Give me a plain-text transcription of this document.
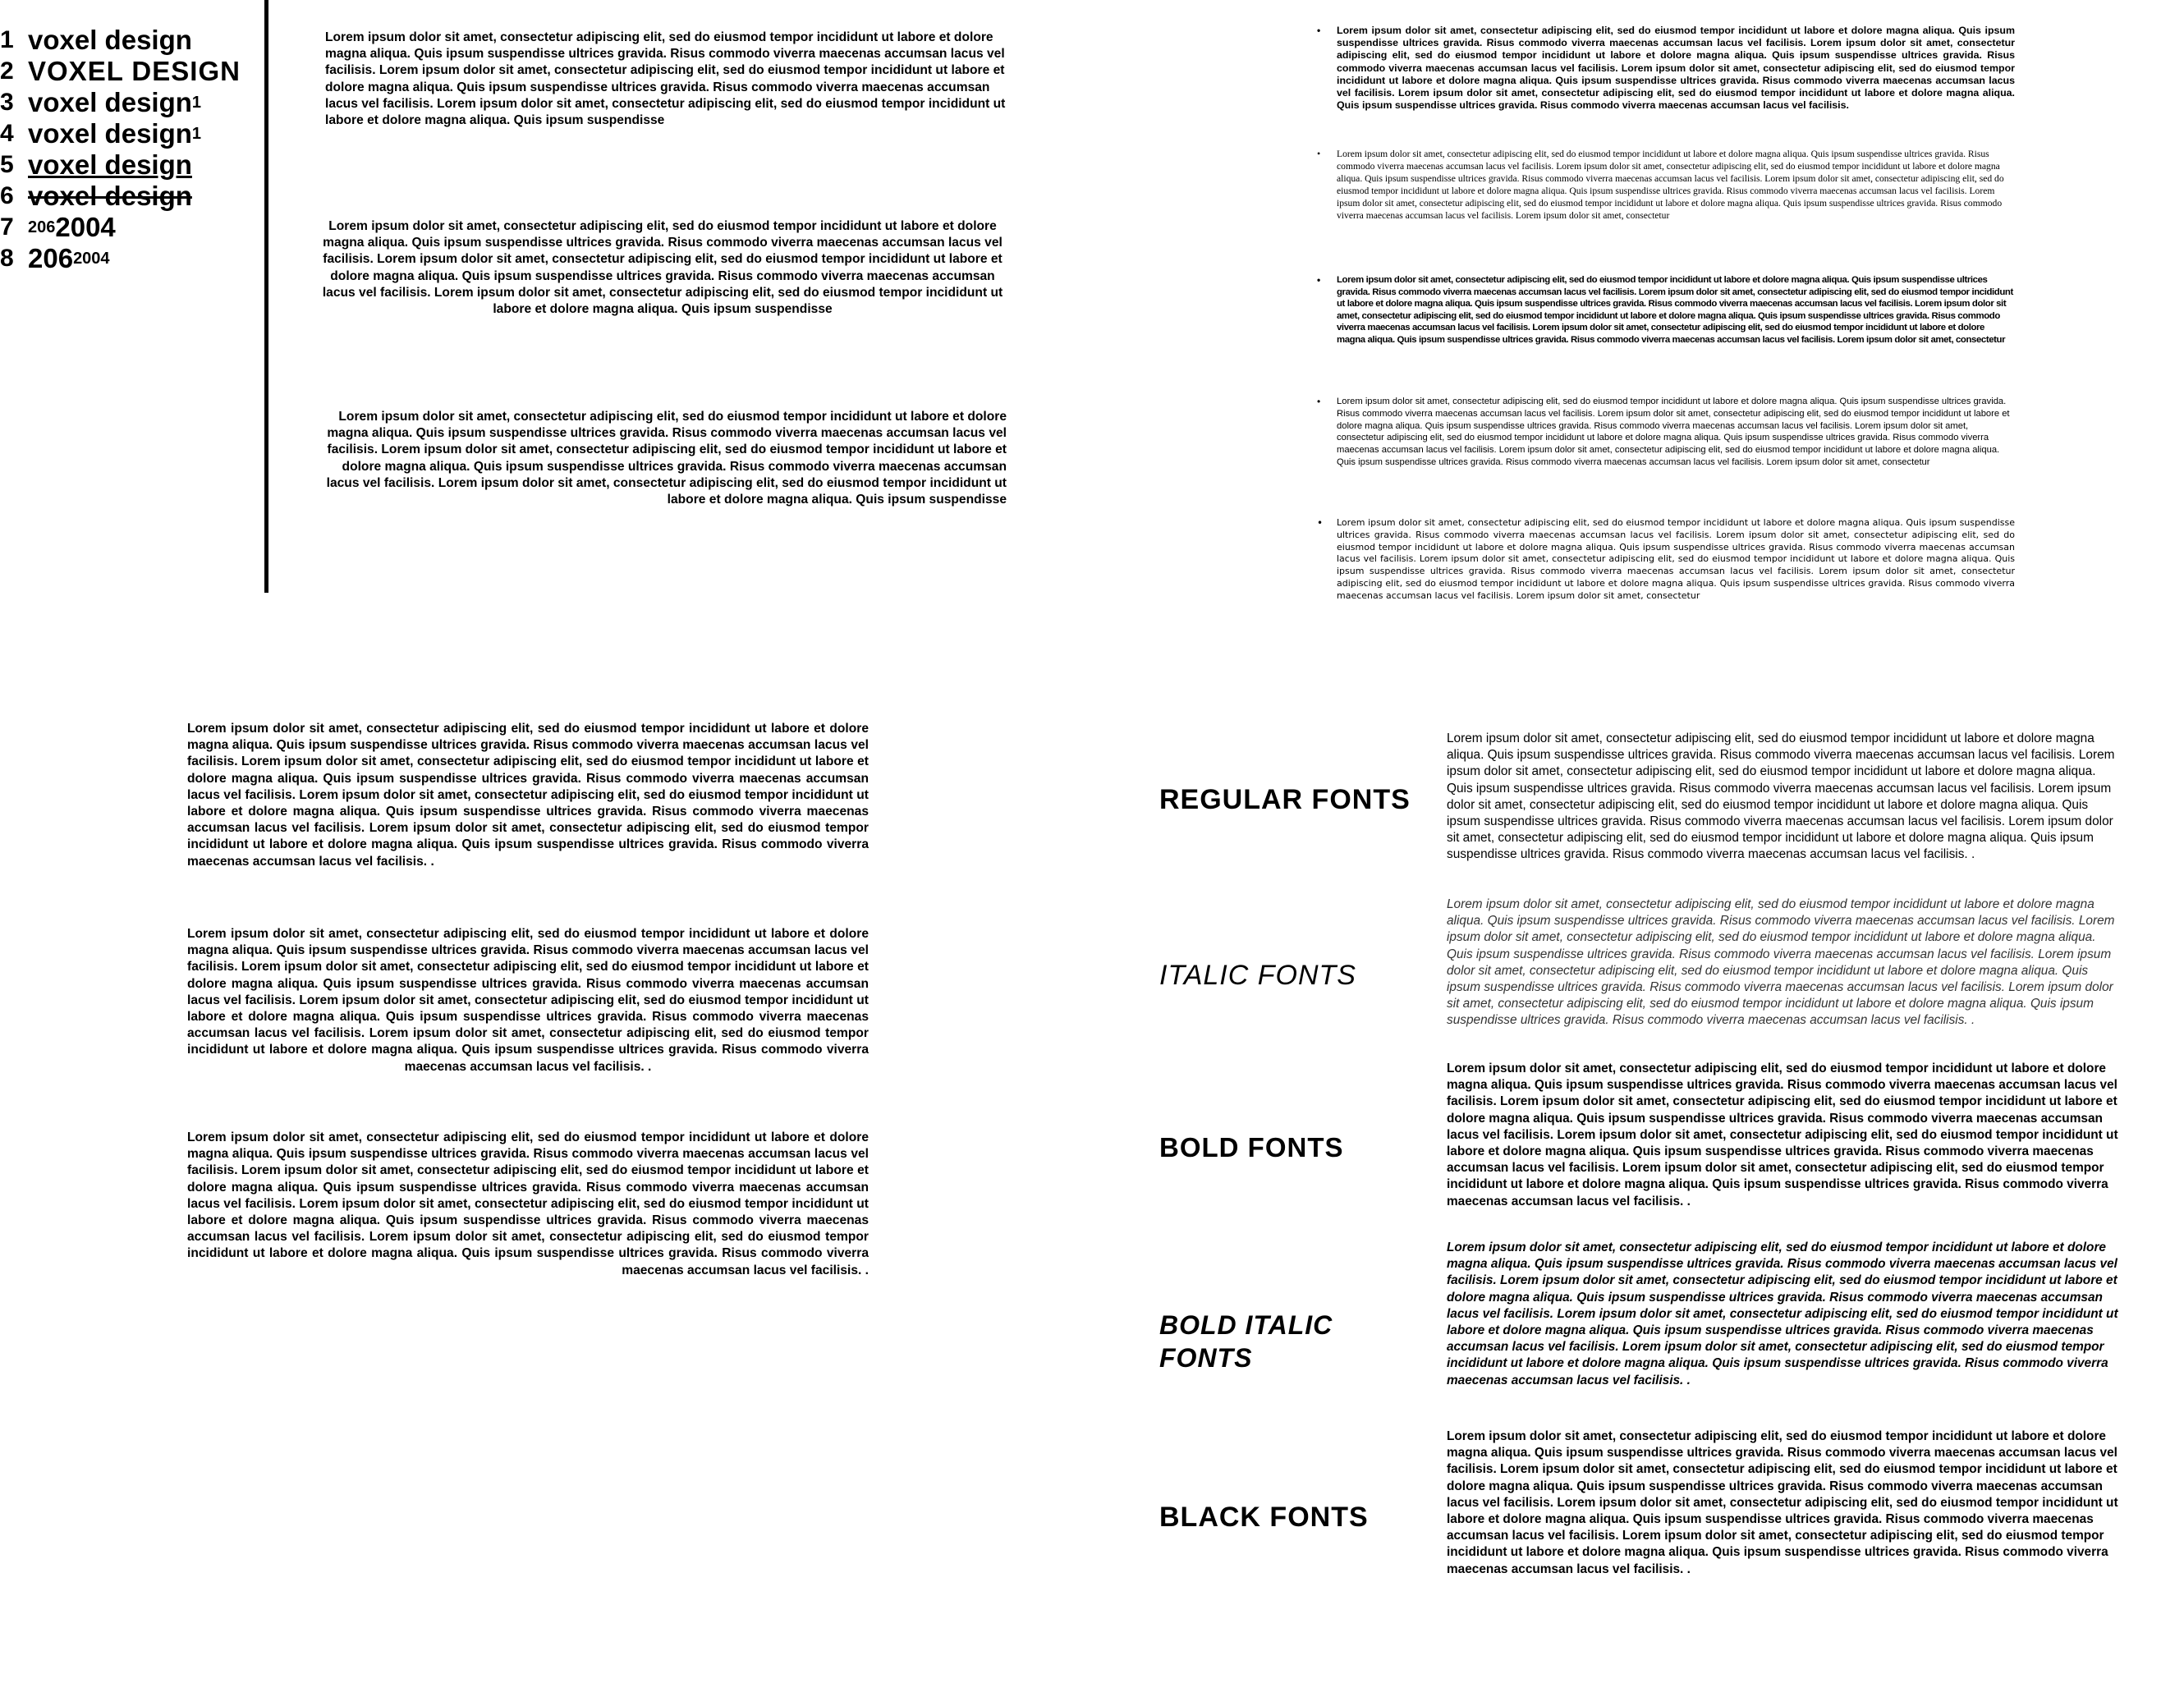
1 voxel design
2 VOXEL DESIGN
3 voxel design 1
4 voxel design 1
5 voxel design
6 voxel design
7 206 2004
8 206 2004

Lorem ipsum dolor sit amet, consectetur adipiscing elit, sed do eiusmod tempor incididunt ut labore et dolore magna aliqua. Quis ipsum suspendisse ultrices gravida. Risus commodo viverra maecenas accumsan lacus vel facilisis. Lorem ipsum dolor sit amet, consectetur adipiscing elit, sed do eiusmod tempor incididunt ut labore et dolore magna aliqua. Quis ipsum suspendisse ultrices gravida. Risus commodo viverra maecenas accumsan lacus vel facilisis. Lorem ipsum dolor sit amet, consectetur adipiscing elit, sed do eiusmod tempor incididunt ut labore et dolore magna aliqua. Quis ipsum suspendisse

Lorem ipsum dolor sit amet, consectetur adipiscing elit, sed do eiusmod tempor incididunt ut labore et dolore magna aliqua. Quis ipsum suspendisse ultrices gravida. Risus commodo viverra maecenas accumsan lacus vel facilisis. Lorem ipsum dolor sit amet, consectetur adipiscing elit, sed do eiusmod tempor incididunt ut labore et dolore magna aliqua. Quis ipsum suspendisse ultrices gravida. Risus commodo viverra maecenas accumsan lacus vel facilisis. Lorem ipsum dolor sit amet, consectetur adipiscing elit, sed do eiusmod tempor incididunt ut labore et dolore magna aliqua. Quis ipsum suspendisse

Lorem ipsum dolor sit amet, consectetur adipiscing elit, sed do eiusmod tempor incididunt ut labore et dolore magna aliqua. Quis ipsum suspendisse ultrices gravida. Risus commodo viverra maecenas accumsan lacus vel facilisis. Lorem ipsum dolor sit amet, consectetur adipiscing elit, sed do eiusmod tempor incididunt ut labore et dolore magna aliqua. Quis ipsum suspendisse ultrices gravida. Risus commodo viverra maecenas accumsan lacus vel facilisis. Lorem ipsum dolor sit amet, consectetur adipiscing elit, sed do eiusmod tempor incididunt ut labore et dolore magna aliqua. Quis ipsum suspendisse

• Lorem ipsum dolor sit amet, consectetur adipiscing elit, sed do eiusmod tempor incididunt ut labore et dolore magna aliqua. Quis ipsum suspendisse ultrices gravida. Risus commodo viverra maecenas accumsan lacus vel facilisis. Lorem ipsum dolor sit amet, consectetur adipiscing elit, sed do eiusmod tempor incididunt ut labore et dolore magna aliqua. Quis ipsum suspendisse ultrices gravida. Risus commodo viverra maecenas accumsan lacus vel facilisis. Lorem ipsum dolor sit amet, consectetur adipiscing elit, sed do eiusmod tempor incididunt ut labore et dolore magna aliqua. Quis ipsum suspendisse ultrices gravida. Risus commodo viverra maecenas accumsan lacus vel facilisis. Lorem ipsum dolor sit amet, consectetur adipiscing elit, sed do eiusmod tempor incididunt ut labore et dolore magna aliqua. Quis ipsum suspendisse ultrices gravida. Risus commodo viverra maecenas accumsan lacus vel facilisis.
• Lorem ipsum dolor sit amet, consectetur adipiscing elit, sed do eiusmod tempor incididunt ut labore et dolore magna aliqua. Quis ipsum suspendisse ultrices gravida. Risus commodo viverra maecenas accumsan lacus vel facilisis. Lorem ipsum dolor sit amet, consectetur adipiscing elit, sed do eiusmod tempor incididunt ut labore et dolore magna aliqua. Quis ipsum suspendisse ultrices gravida. Risus commodo viverra maecenas accumsan lacus vel facilisis. Lorem ipsum dolor sit amet, consectetur adipiscing elit, sed do eiusmod tempor incididunt ut labore et dolore magna aliqua. Quis ipsum suspendisse ultrices gravida. Risus commodo viverra maecenas accumsan lacus vel facilisis. Lorem ipsum dolor sit amet, consectetur adipiscing elit, sed do eiusmod tempor incididunt ut labore et dolore magna aliqua. Quis ipsum suspendisse ultrices gravida. Risus commodo viverra maecenas accumsan lacus vel facilisis. Lorem ipsum dolor sit amet, consectetur
• Lorem ipsum dolor sit amet, consectetur adipiscing elit, sed do eiusmod tempor incididunt ut labore et dolore magna aliqua. Quis ipsum suspendisse ultrices gravida. Risus commodo viverra maecenas accumsan lacus vel facilisis. Lorem ipsum dolor sit amet, consectetur adipiscing elit, sed do eiusmod tempor incididunt ut labore et dolore magna aliqua. Quis ipsum suspendisse ultrices gravida. Risus commodo viverra maecenas accumsan lacus vel facilisis. Lorem ipsum dolor sit amet, consectetur adipiscing elit, sed do eiusmod tempor incididunt ut labore et dolore magna aliqua. Quis ipsum suspendisse ultrices gravida. Risus commodo viverra maecenas accumsan lacus vel facilisis. Lorem ipsum dolor sit amet, consectetur adipiscing elit, sed do eiusmod tempor incididunt ut labore et dolore magna aliqua. Quis ipsum suspendisse ultrices gravida. Risus commodo viverra maecenas accumsan lacus vel facilisis. Lorem ipsum dolor sit amet, consectetur
• Lorem ipsum dolor sit amet, consectetur adipiscing elit, sed do eiusmod tempor incididunt ut labore et dolore magna aliqua. Quis ipsum suspendisse ultrices gravida. Risus commodo viverra maecenas accumsan lacus vel facilisis. Lorem ipsum dolor sit amet, consectetur adipiscing elit, sed do eiusmod tempor incididunt ut labore et dolore magna aliqua. Quis ipsum suspendisse ultrices gravida. Risus commodo viverra maecenas accumsan lacus vel facilisis. Lorem ipsum dolor sit amet, consectetur adipiscing elit, sed do eiusmod tempor incididunt ut labore et dolore magna aliqua. Quis ipsum suspendisse ultrices gravida. Risus commodo viverra maecenas accumsan lacus vel facilisis. Lorem ipsum dolor sit amet, consectetur adipiscing elit, sed do eiusmod tempor incididunt ut labore et dolore magna aliqua. Quis ipsum suspendisse ultrices gravida. Risus commodo viverra maecenas accumsan lacus vel facilisis. Lorem ipsum dolor sit amet, consectetur
• Lorem ipsum dolor sit amet, consectetur adipiscing elit, sed do eiusmod tempor incididunt ut labore et dolore magna aliqua. Quis ipsum suspendisse ultrices gravida. Risus commodo viverra maecenas accumsan lacus vel facilisis. Lorem ipsum dolor sit amet, consectetur adipiscing elit, sed do eiusmod tempor incididunt ut labore et dolore magna aliqua. Quis ipsum suspendisse ultrices gravida. Risus commodo viverra maecenas accumsan lacus vel facilisis. Lorem ipsum dolor sit amet, consectetur adipiscing elit, sed do eiusmod tempor incididunt ut labore et dolore magna aliqua. Quis ipsum suspendisse ultrices gravida. Risus commodo viverra maecenas accumsan lacus vel facilisis. Lorem ipsum dolor sit amet, consectetur adipiscing elit, sed do eiusmod tempor incididunt ut labore et dolore magna aliqua. Quis ipsum suspendisse ultrices gravida. Risus commodo viverra maecenas accumsan lacus vel facilisis. Lorem ipsum dolor sit amet, consectetur

Lorem ipsum dolor sit amet, consectetur adipiscing elit, sed do eiusmod tempor incididunt ut labore et dolore magna aliqua. Quis ipsum suspendisse ultrices gravida. Risus commodo viverra maecenas accumsan lacus vel facilisis. Lorem ipsum dolor sit amet, consectetur adipiscing elit, sed do eiusmod tempor incididunt ut labore et dolore magna aliqua. Quis ipsum suspendisse ultrices gravida. Risus commodo viverra maecenas accumsan lacus vel facilisis. Lorem ipsum dolor sit amet, consectetur adipiscing elit, sed do eiusmod tempor incididunt ut labore et dolore magna aliqua. Quis ipsum suspendisse ultrices gravida. Risus commodo viverra maecenas accumsan lacus vel facilisis. Lorem ipsum dolor sit amet, consectetur adipiscing elit, sed do eiusmod tempor incididunt ut labore et dolore magna aliqua. Quis ipsum suspendisse ultrices gravida. Risus commodo viverra maecenas accumsan lacus vel facilisis. .

Lorem ipsum dolor sit amet, consectetur adipiscing elit, sed do eiusmod tempor incididunt ut labore et dolore magna aliqua. Quis ipsum suspendisse ultrices gravida. Risus commodo viverra maecenas accumsan lacus vel facilisis. Lorem ipsum dolor sit amet, consectetur adipiscing elit, sed do eiusmod tempor incididunt ut labore et dolore magna aliqua. Quis ipsum suspendisse ultrices gravida. Risus commodo viverra maecenas accumsan lacus vel facilisis. Lorem ipsum dolor sit amet, consectetur adipiscing elit, sed do eiusmod tempor incididunt ut labore et dolore magna aliqua. Quis ipsum suspendisse ultrices gravida. Risus commodo viverra maecenas accumsan lacus vel facilisis. Lorem ipsum dolor sit amet, consectetur adipiscing elit, sed do eiusmod tempor incididunt ut labore et dolore magna aliqua. Quis ipsum suspendisse ultrices gravida. Risus commodo viverra maecenas accumsan lacus vel facilisis. .

Lorem ipsum dolor sit amet, consectetur adipiscing elit, sed do eiusmod tempor incididunt ut labore et dolore magna aliqua. Quis ipsum suspendisse ultrices gravida. Risus commodo viverra maecenas accumsan lacus vel facilisis. Lorem ipsum dolor sit amet, consectetur adipiscing elit, sed do eiusmod tempor incididunt ut labore et dolore magna aliqua. Quis ipsum suspendisse ultrices gravida. Risus commodo viverra maecenas accumsan lacus vel facilisis. Lorem ipsum dolor sit amet, consectetur adipiscing elit, sed do eiusmod tempor incididunt ut labore et dolore magna aliqua. Quis ipsum suspendisse ultrices gravida. Risus commodo viverra maecenas accumsan lacus vel facilisis. Lorem ipsum dolor sit amet, consectetur adipiscing elit, sed do eiusmod tempor incididunt ut labore et dolore magna aliqua. Quis ipsum suspendisse ultrices gravida. Risus commodo viverra maecenas accumsan lacus vel facilisis. .

REGULAR FONTS

Lorem ipsum dolor sit amet, consectetur adipiscing elit, sed do eiusmod tempor incididunt ut labore et dolore magna aliqua. Quis ipsum suspendisse ultrices gravida. Risus commodo viverra maecenas accumsan lacus vel facilisis. Lorem ipsum dolor sit amet, consectetur adipiscing elit, sed do eiusmod tempor incididunt ut labore et dolore magna aliqua. Quis ipsum suspendisse ultrices gravida. Risus commodo viverra maecenas accumsan lacus vel facilisis. Lorem ipsum dolor sit amet, consectetur adipiscing elit, sed do eiusmod tempor incididunt ut labore et dolore magna aliqua. Quis ipsum suspendisse ultrices gravida. Risus commodo viverra maecenas accumsan lacus vel facilisis. Lorem ipsum dolor sit amet, consectetur adipiscing elit, sed do eiusmod tempor incididunt ut labore et dolore magna aliqua. Quis ipsum suspendisse ultrices gravida. Risus commodo viverra maecenas accumsan lacus vel facilisis. .

ITALIC FONTS

Lorem ipsum dolor sit amet, consectetur adipiscing elit, sed do eiusmod tempor incididunt ut labore et dolore magna aliqua. Quis ipsum suspendisse ultrices gravida. Risus commodo viverra maecenas accumsan lacus vel facilisis. Lorem ipsum dolor sit amet, consectetur adipiscing elit, sed do eiusmod tempor incididunt ut labore et dolore magna aliqua. Quis ipsum suspendisse ultrices gravida. Risus commodo viverra maecenas accumsan lacus vel facilisis. Lorem ipsum dolor sit amet, consectetur adipiscing elit, sed do eiusmod tempor incididunt ut labore et dolore magna aliqua. Quis ipsum suspendisse ultrices gravida. Risus commodo viverra maecenas accumsan lacus vel facilisis. Lorem ipsum dolor sit amet, consectetur adipiscing elit, sed do eiusmod tempor incididunt ut labore et dolore magna aliqua. Quis ipsum suspendisse ultrices gravida. Risus commodo viverra maecenas accumsan lacus vel facilisis. .

BOLD FONTS

Lorem ipsum dolor sit amet, consectetur adipiscing elit, sed do eiusmod tempor incididunt ut labore et dolore magna aliqua. Quis ipsum suspendisse ultrices gravida. Risus commodo viverra maecenas accumsan lacus vel facilisis. Lorem ipsum dolor sit amet, consectetur adipiscing elit, sed do eiusmod tempor incididunt ut labore et dolore magna aliqua. Quis ipsum suspendisse ultrices gravida. Risus commodo viverra maecenas accumsan lacus vel facilisis. Lorem ipsum dolor sit amet, consectetur adipiscing elit, sed do eiusmod tempor incididunt ut labore et dolore magna aliqua. Quis ipsum suspendisse ultrices gravida. Risus commodo viverra maecenas accumsan lacus vel facilisis. Lorem ipsum dolor sit amet, consectetur adipiscing elit, sed do eiusmod tempor incididunt ut labore et dolore magna aliqua. Quis ipsum suspendisse ultrices gravida. Risus commodo viverra maecenas accumsan lacus vel facilisis. .

BOLD ITALIC FONTS

Lorem ipsum dolor sit amet, consectetur adipiscing elit, sed do eiusmod tempor incididunt ut labore et dolore magna aliqua. Quis ipsum suspendisse ultrices gravida. Risus commodo viverra maecenas accumsan lacus vel facilisis. Lorem ipsum dolor sit amet, consectetur adipiscing elit, sed do eiusmod tempor incididunt ut labore et dolore magna aliqua. Quis ipsum suspendisse ultrices gravida. Risus commodo viverra maecenas accumsan lacus vel facilisis. Lorem ipsum dolor sit amet, consectetur adipiscing elit, sed do eiusmod tempor incididunt ut labore et dolore magna aliqua. Quis ipsum suspendisse ultrices gravida. Risus commodo viverra maecenas accumsan lacus vel facilisis. Lorem ipsum dolor sit amet, consectetur adipiscing elit, sed do eiusmod tempor incididunt ut labore et dolore magna aliqua. Quis ipsum suspendisse ultrices gravida. Risus commodo viverra maecenas accumsan lacus vel facilisis. .

BLACK FONTS

Lorem ipsum dolor sit amet, consectetur adipiscing elit, sed do eiusmod tempor incididunt ut labore et dolore magna aliqua. Quis ipsum suspendisse ultrices gravida. Risus commodo viverra maecenas accumsan lacus vel facilisis. Lorem ipsum dolor sit amet, consectetur adipiscing elit, sed do eiusmod tempor incididunt ut labore et dolore magna aliqua. Quis ipsum suspendisse ultrices gravida. Risus commodo viverra maecenas accumsan lacus vel facilisis. Lorem ipsum dolor sit amet, consectetur adipiscing elit, sed do eiusmod tempor incididunt ut labore et dolore magna aliqua. Quis ipsum suspendisse ultrices gravida. Risus commodo viverra maecenas accumsan lacus vel facilisis. Lorem ipsum dolor sit amet, consectetur adipiscing elit, sed do eiusmod tempor incididunt ut labore et dolore magna aliqua. Quis ipsum suspendisse ultrices gravida. Risus commodo viverra maecenas accumsan lacus vel facilisis. .
